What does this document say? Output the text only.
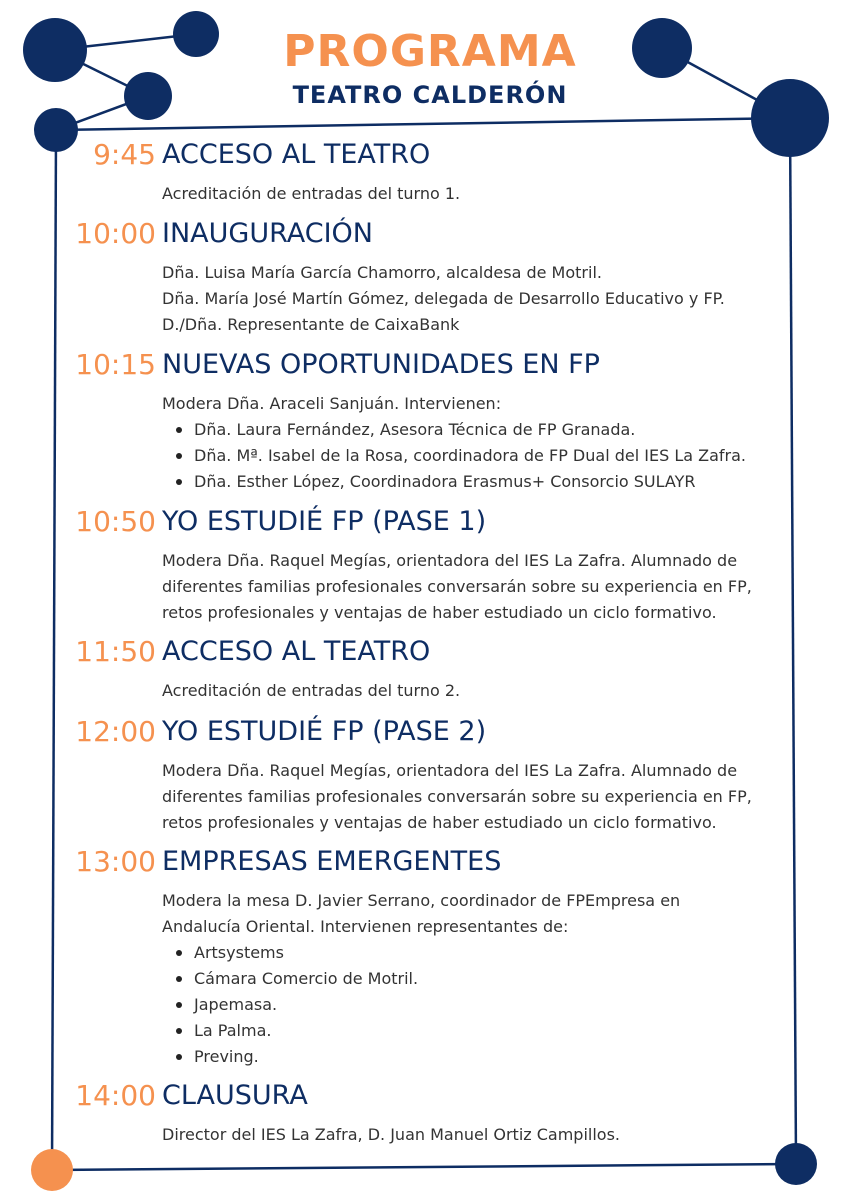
PROGRAMA
TEATRO CALDERÓN
9:45 ACCESO AL TEATRO
Acreditación de entradas del turno 1.
10:00 INAUGURACIÓN
Dña. Luisa María García Chamorro, alcaldesa de Motril.
Dña. María José Martín Gómez, delegada de Desarrollo Educativo y FP.
D./Dña. Representante de CaixaBank
10:15 NUEVAS OPORTUNIDADES EN FP
Modera Dña. Araceli Sanjuán. Intervienen:
Dña. Laura Fernández, Asesora Técnica de FP Granada.
Dña. Mª. Isabel de la Rosa, coordinadora de FP Dual del IES La Zafra.
Dña. Esther López, Coordinadora Erasmus+ Consorcio SULAYR
10:50 YO ESTUDIÉ FP (PASE 1)
Modera Dña. Raquel Megías, orientadora del IES La Zafra. Alumnado de
diferentes familias profesionales conversarán sobre su experiencia en FP,
retos profesionales y ventajas de haber estudiado un ciclo formativo.
11:50 ACCESO AL TEATRO
Acreditación de entradas del turno 2.
12:00 YO ESTUDIÉ FP (PASE 2)
Modera Dña. Raquel Megías, orientadora del IES La Zafra. Alumnado de
diferentes familias profesionales conversarán sobre su experiencia en FP,
retos profesionales y ventajas de haber estudiado un ciclo formativo.
13:00 EMPRESAS EMERGENTES
Modera la mesa D. Javier Serrano, coordinador de FPEmpresa en
Andalucía Oriental. Intervienen representantes de:
Artsystems
Cámara Comercio de Motril.
Japemasa.
La Palma.
Preving.
14:00 CLAUSURA
Director del IES La Zafra, D. Juan Manuel Ortiz Campillos.
